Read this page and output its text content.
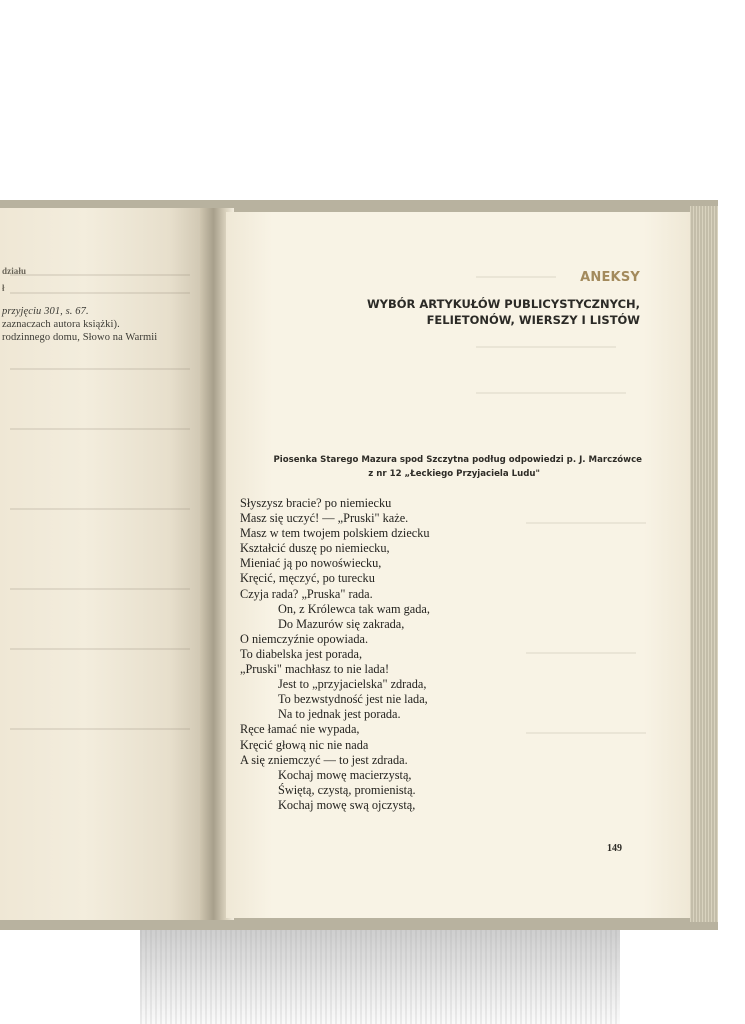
działu
ł
przyjęciu 301, s. 67.
zaznaczach autora książki).
rodzinnego domu, Słowo na Warmii
ANEKSY
WYBÓR ARTYKUŁÓW PUBLICYSTYCZNYCH,
FELIETONÓW, WIERSZY I LISTÓW
Piosenka Starego Mazura spod Szczytna podług odpowiedzi p. J. Marczówce
z nr 12 „Łeckiego Przyjaciela Ludu"
Słyszysz bracie? po niemiecku
Masz się uczyć! — „Pruski" każe.
Masz w tem twojem polskiem dziecku
Kształcić duszę po niemiecku,
Mieniać ją po nowoświecku,
Kręcić, męczyć, po turecku
Czyja rada? „Pruska" rada.
On, z Królewca tak wam gada,
Do Mazurów się zakrada,
O niemczyźnie opowiada.
To diabelska jest porada,
„Pruski" machłasz to nie lada!
Jest to „przyjacielska" zdrada,
To bezwstydność jest nie lada,
Na to jednak jest porada.
Ręce łamać nie wypada,
Kręcić głową nic nie nada
A się zniemczyć — to jest zdrada.
Kochaj mowę macierzystą,
Świętą, czystą, promienistą.
Kochaj mowę swą ojczystą,
149
